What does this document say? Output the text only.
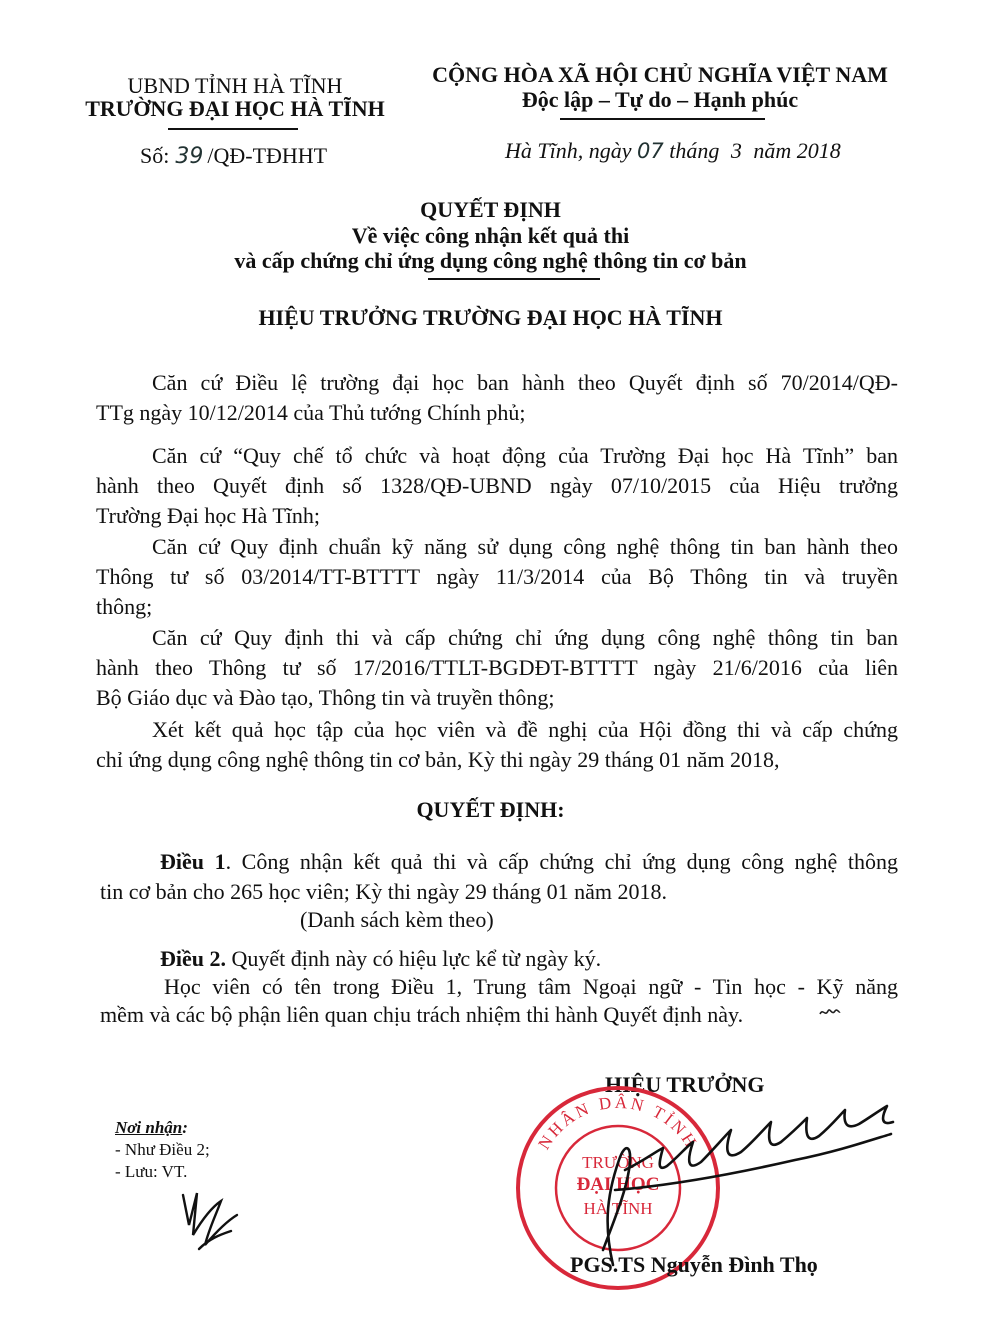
UBND TỈNH HÀ TĨNH
TRƯỜNG ĐẠI HỌC HÀ TĨNH
Số: 39 /QĐ-TĐHHT
CỘNG HÒA XÃ HỘI CHỦ NGHĨA VIỆT NAM
Độc lập – Tự do – Hạnh phúc
Hà Tĩnh, ngày 07 tháng 3 năm 2018
QUYẾT ĐỊNH
Về việc công nhận kết quả thi
và cấp chứng chỉ ứng dụng công nghệ thông tin cơ bản
HIỆU TRƯỞNG TRƯỜNG ĐẠI HỌC HÀ TĨNH
Căn cứ Điều lệ trường đại học ban hành theo Quyết định số 70/2014/QĐ-
TTg ngày 10/12/2014 của Thủ tướng Chính phủ;
Căn cứ “Quy chế tổ chức và hoạt động của Trường Đại học Hà Tĩnh” ban
hành theo Quyết định số 1328/QĐ-UBND ngày 07/10/2015 của Hiệu trưởng
Trường Đại học Hà Tĩnh;
Căn cứ Quy định chuẩn kỹ năng sử dụng công nghệ thông tin ban hành theo
Thông tư số 03/2014/TT-BTTTT ngày 11/3/2014 của Bộ Thông tin và truyền
thông;
Căn cứ Quy định thi và cấp chứng chỉ ứng dụng công nghệ thông tin ban
hành theo Thông tư số 17/2016/TTLT-BGDĐT-BTTTT ngày 21/6/2016 của liên
Bộ Giáo dục và Đào tạo, Thông tin và truyền thông;
Xét kết quả học tập của học viên và đề nghị của Hội đồng thi và cấp chứng
chỉ ứng dụng công nghệ thông tin cơ bản, Kỳ thi ngày 29 tháng 01 năm 2018,
QUYẾT ĐỊNH:
Điều 1. Công nhận kết quả thi và cấp chứng chỉ ứng dụng công nghệ thông
tin cơ bản cho 265 học viên; Kỳ thi ngày 29 tháng 01 năm 2018.
(Danh sách kèm theo)
Điều 2. Quyết định này có hiệu lực kể từ ngày ký.
Học viên có tên trong Điều 1, Trung tâm Ngoại ngữ - Tin học - Kỹ năng
mềm và các bộ phận liên quan chịu trách nhiệm thi hành Quyết định này.
Nơi nhận:
- Như Điều 2;
- Lưu: VT.
HIỆU TRƯỞNG
NHÂN DÂN TỈNH
TRƯỜNG
ĐẠI HỌC
HÀ TĨNH
PGS.TS Nguyễn Đình Thọ
